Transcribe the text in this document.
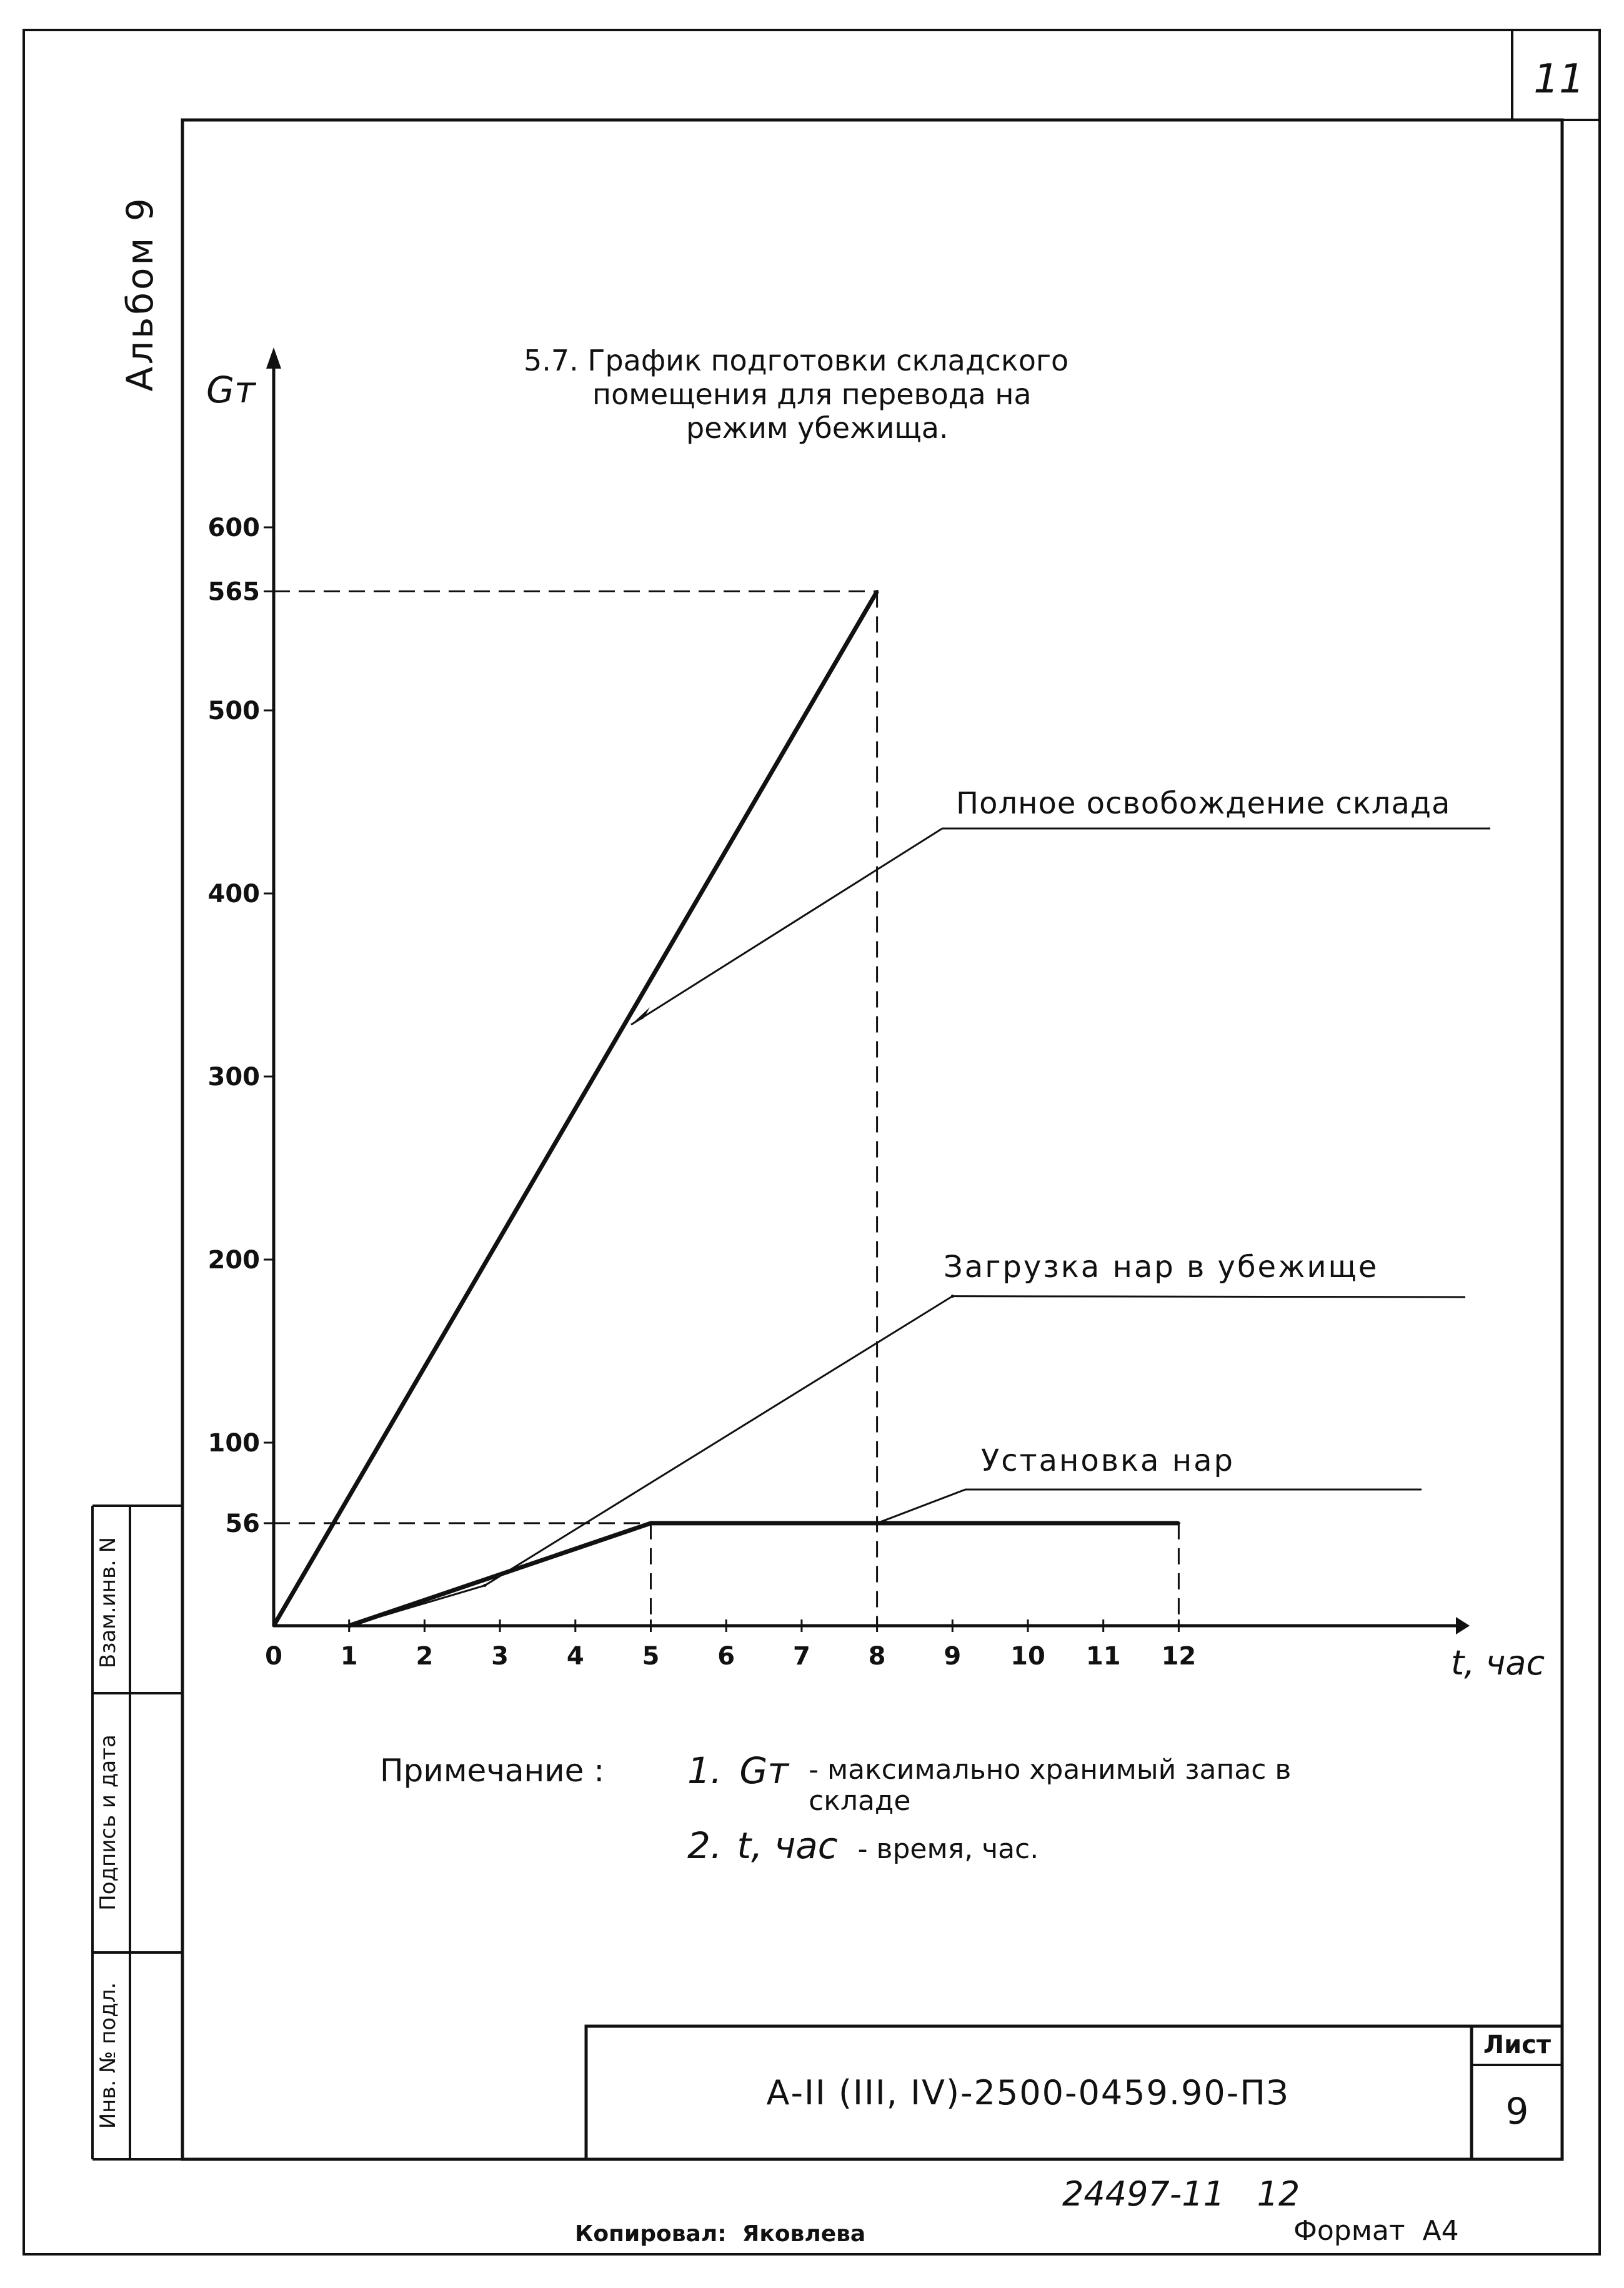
0 1 2 3 4 5 6 7 8 9 10 11 12
600
565
500
400
300
200
100
56
11
Альбом 9
Взам.инв. N
Подпись и дата
Инв. № подл.
5.7. График подготовки складского
помещения для перевода на
режим убежища.
Gт
t, час
Полное освобождение склада
Загрузка нар в убежище
Установка нар
Примечание : 1. Gт - максимально хранимый запас в складе
2. t, час - время, час.
А-II (III, IV)-2500-0459.90-ПЗ
Лист
9
24497-11   12
Копировал:  Яковлева	Формат  А4
